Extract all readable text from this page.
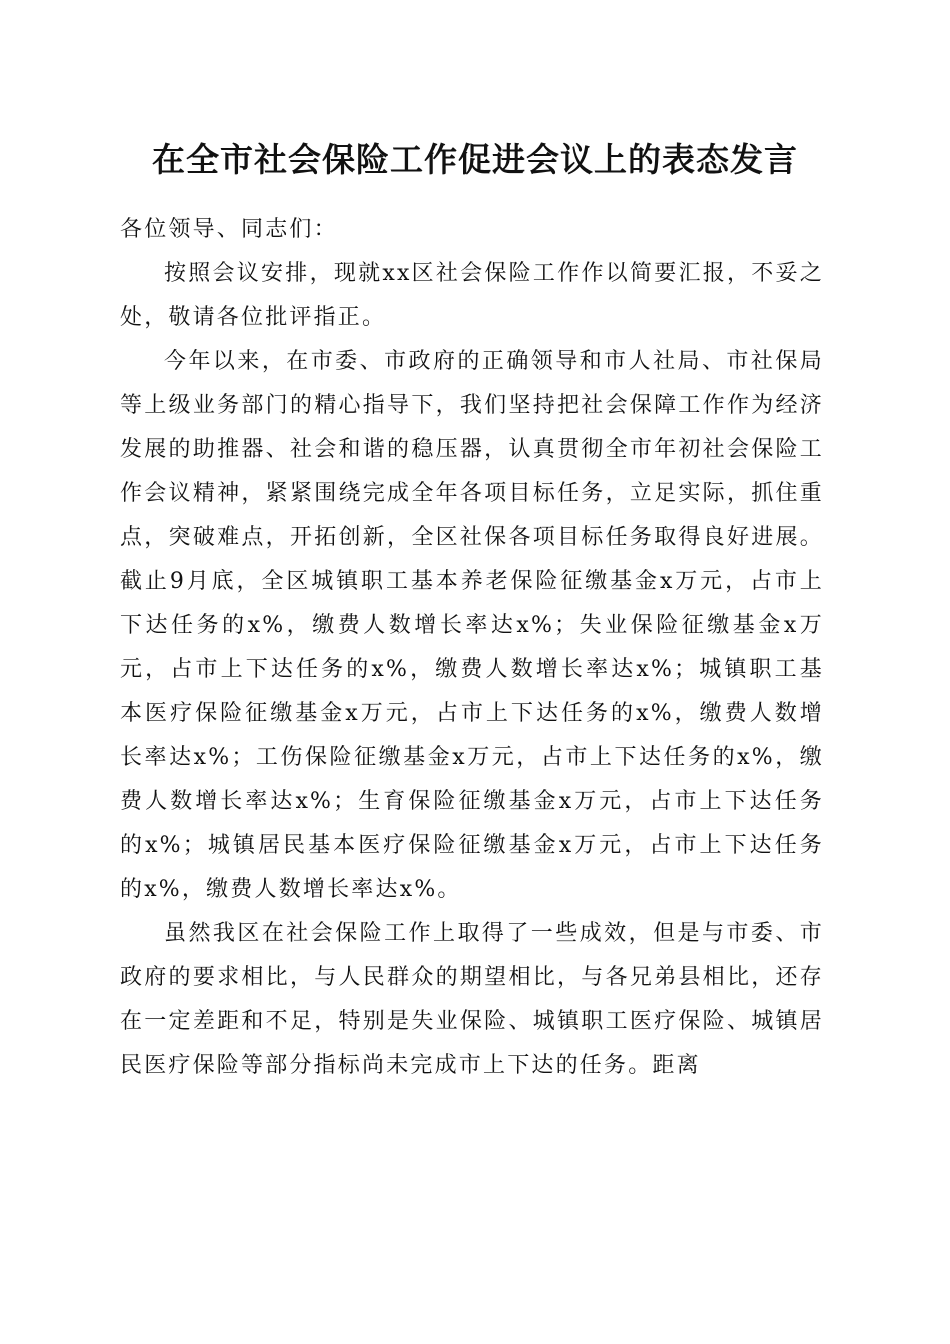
在全市社会保险工作促进会议上的表态发言

各位领导、同志们：

按照会议安排，现就xx区社会保险工作作以简要汇报，不妥之处，敬请各位批评指正。

今年以来，在市委、市政府的正确领导和市人社局、市社保局等上级业务部门的精心指导下，我们坚持把社会保障工作作为经济发展的助推器、社会和谐的稳压器，认真贯彻全市年初社会保险工作会议精神，紧紧围绕完成全年各项目标任务，立足实际，抓住重点，突破难点，开拓创新，全区社保各项目标任务取得良好进展。截止9月底，全区城镇职工基本养老保险征缴基金x万元，占市上下达任务的x%，缴费人数增长率达x%；失业保险征缴基金x万元，占市上下达任务的x%，缴费人数增长率达x%；城镇职工基本医疗保险征缴基金x万元，占市上下达任务的x%，缴费人数增长率达x%；工伤保险征缴基金x万元，占市上下达任务的x%，缴费人数增长率达x%；生育保险征缴基金x万元，占市上下达任务的x%；城镇居民基本医疗保险征缴基金x万元，占市上下达任务的x%，缴费人数增长率达x%。

虽然我区在社会保险工作上取得了一些成效，但是与市委、市政府的要求相比，与人民群众的期望相比，与各兄弟县相比，还存在一定差距和不足，特别是失业保险、城镇职工医疗保险、城镇居民医疗保险等部分指标尚未完成市上下达的任务。距离
